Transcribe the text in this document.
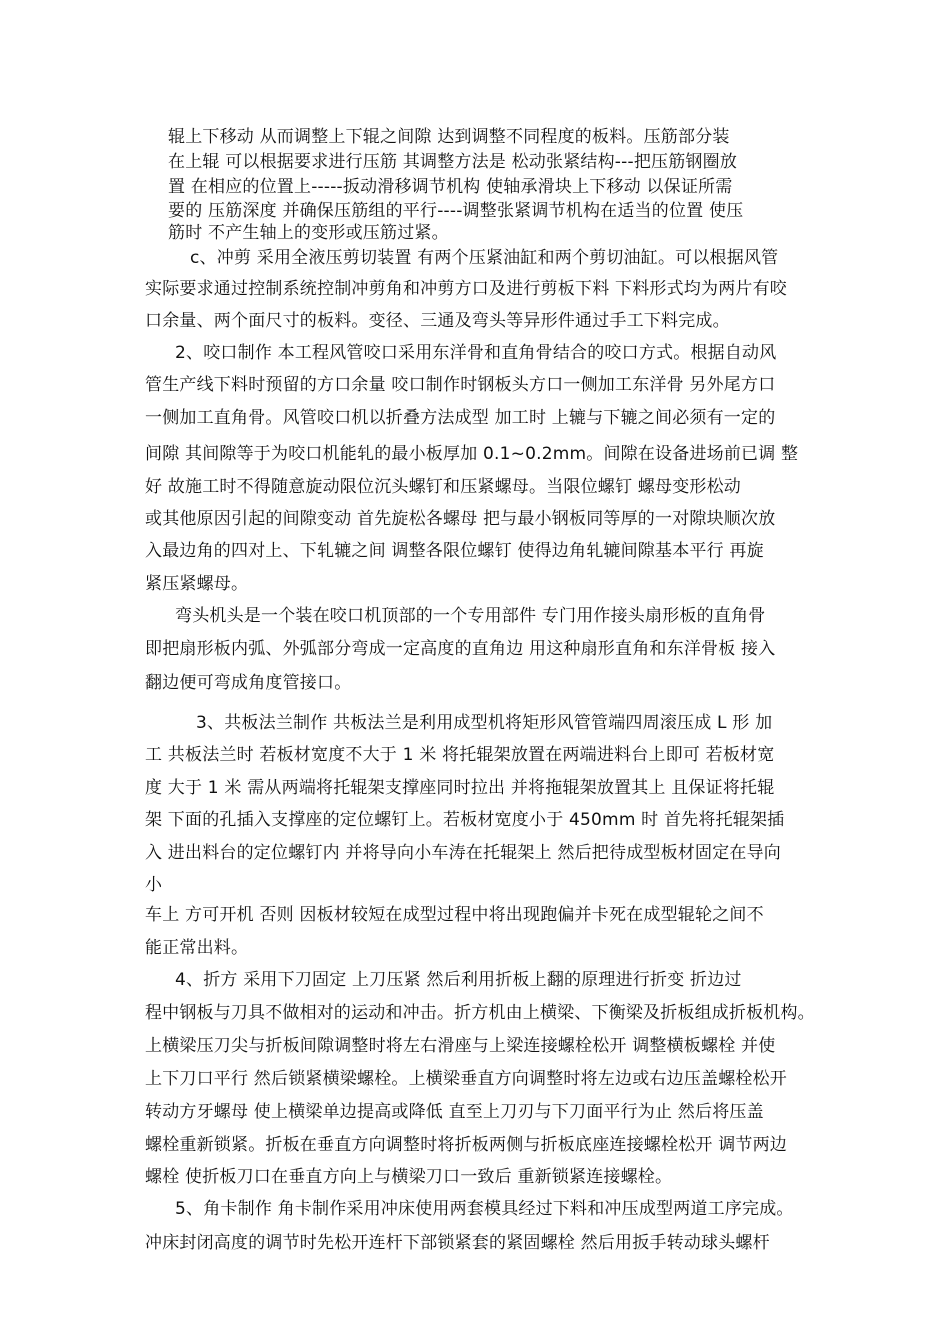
辊上下移动 从而调整上下辊之间隙 达到调整不同程度的板料。压筋部分装
在上辊 可以根据要求进行压筋 其调整方法是 松动张紧结构---把压筋钢圈放
置 在相应的位置上-----扳动滑移调节机构 使轴承滑块上下移动 以保证所需
要的 压筋深度 并确保压筋组的平行----调整张紧调节机构在适当的位置 使压
筋时 不产生轴上的变形或压筋过紧。
c、冲剪 采用全液压剪切装置 有两个压紧油缸和两个剪切油缸。可以根据风管
实际要求通过控制系统控制冲剪角和冲剪方口及进行剪板下料 下料形式均为两片有咬
口余量、两个面尺寸的板料。变径、三通及弯头等异形件通过手工下料完成。
2、咬口制作 本工程风管咬口采用东洋骨和直角骨结合的咬口方式。根据自动风
管生产线下料时预留的方口余量 咬口制作时钢板头方口一侧加工东洋骨 另外尾方口
一侧加工直角骨。风管咬口机以折叠方法成型 加工时 上辘与下辘之间必须有一定的
间隙 其间隙等于为咬口机能轧的最小板厚加 0.1~0.2mm。间隙在设备进场前已调 整
好 故施工时不得随意旋动限位沉头螺钉和压紧螺母。当限位螺钉 螺母变形松动
或其他原因引起的间隙变动 首先旋松各螺母 把与最小钢板同等厚的一对隙块顺次放
入最边角的四对上、下轧辘之间 调整各限位螺钉 使得边角轧辘间隙基本平行 再旋
紧压紧螺母。
弯头机头是一个装在咬口机顶部的一个专用部件 专门用作接头扇形板的直角骨
即把扇形板内弧、外弧部分弯成一定高度的直角边 用这种扇形直角和东洋骨板 接入
翻边便可弯成角度管接口。
3、共板法兰制作 共板法兰是利用成型机将矩形风管管端四周滚压成 L 形 加
工 共板法兰时 若板材宽度不大于 1 米 将托辊架放置在两端进料台上即可 若板材宽
度 大于 1 米 需从两端将托辊架支撑座同时拉出 并将拖辊架放置其上 且保证将托辊
架 下面的孔插入支撑座的定位螺钉上。若板材宽度小于 450mm 时 首先将托辊架插
入 进出料台的定位螺钉内 并将导向小车涛在托辊架上 然后把待成型板材固定在导向
小
车上 方可开机 否则 因板材较短在成型过程中将出现跑偏并卡死在成型辊轮之间不
能正常出料。
4、折方 采用下刀固定 上刀压紧 然后利用折板上翻的原理进行折变 折边过
程中钢板与刀具不做相对的运动和冲击。折方机由上横梁、下衡梁及折板组成折板机构。
上横梁压刀尖与折板间隙调整时将左右滑座与上梁连接螺栓松开 调整横板螺栓 并使
上下刀口平行 然后锁紧横梁螺栓。上横梁垂直方向调整时将左边或右边压盖螺栓松开
转动方牙螺母 使上横梁单边提高或降低 直至上刀刃与下刀面平行为止 然后将压盖
螺栓重新锁紧。折板在垂直方向调整时将折板两侧与折板底座连接螺栓松开 调节两边
螺栓 使折板刀口在垂直方向上与横梁刀口一致后 重新锁紧连接螺栓。
5、角卡制作 角卡制作采用冲床使用两套模具经过下料和冲压成型两道工序完成。
冲床封闭高度的调节时先松开连杆下部锁紧套的紧固螺栓 然后用扳手转动球头螺杆
